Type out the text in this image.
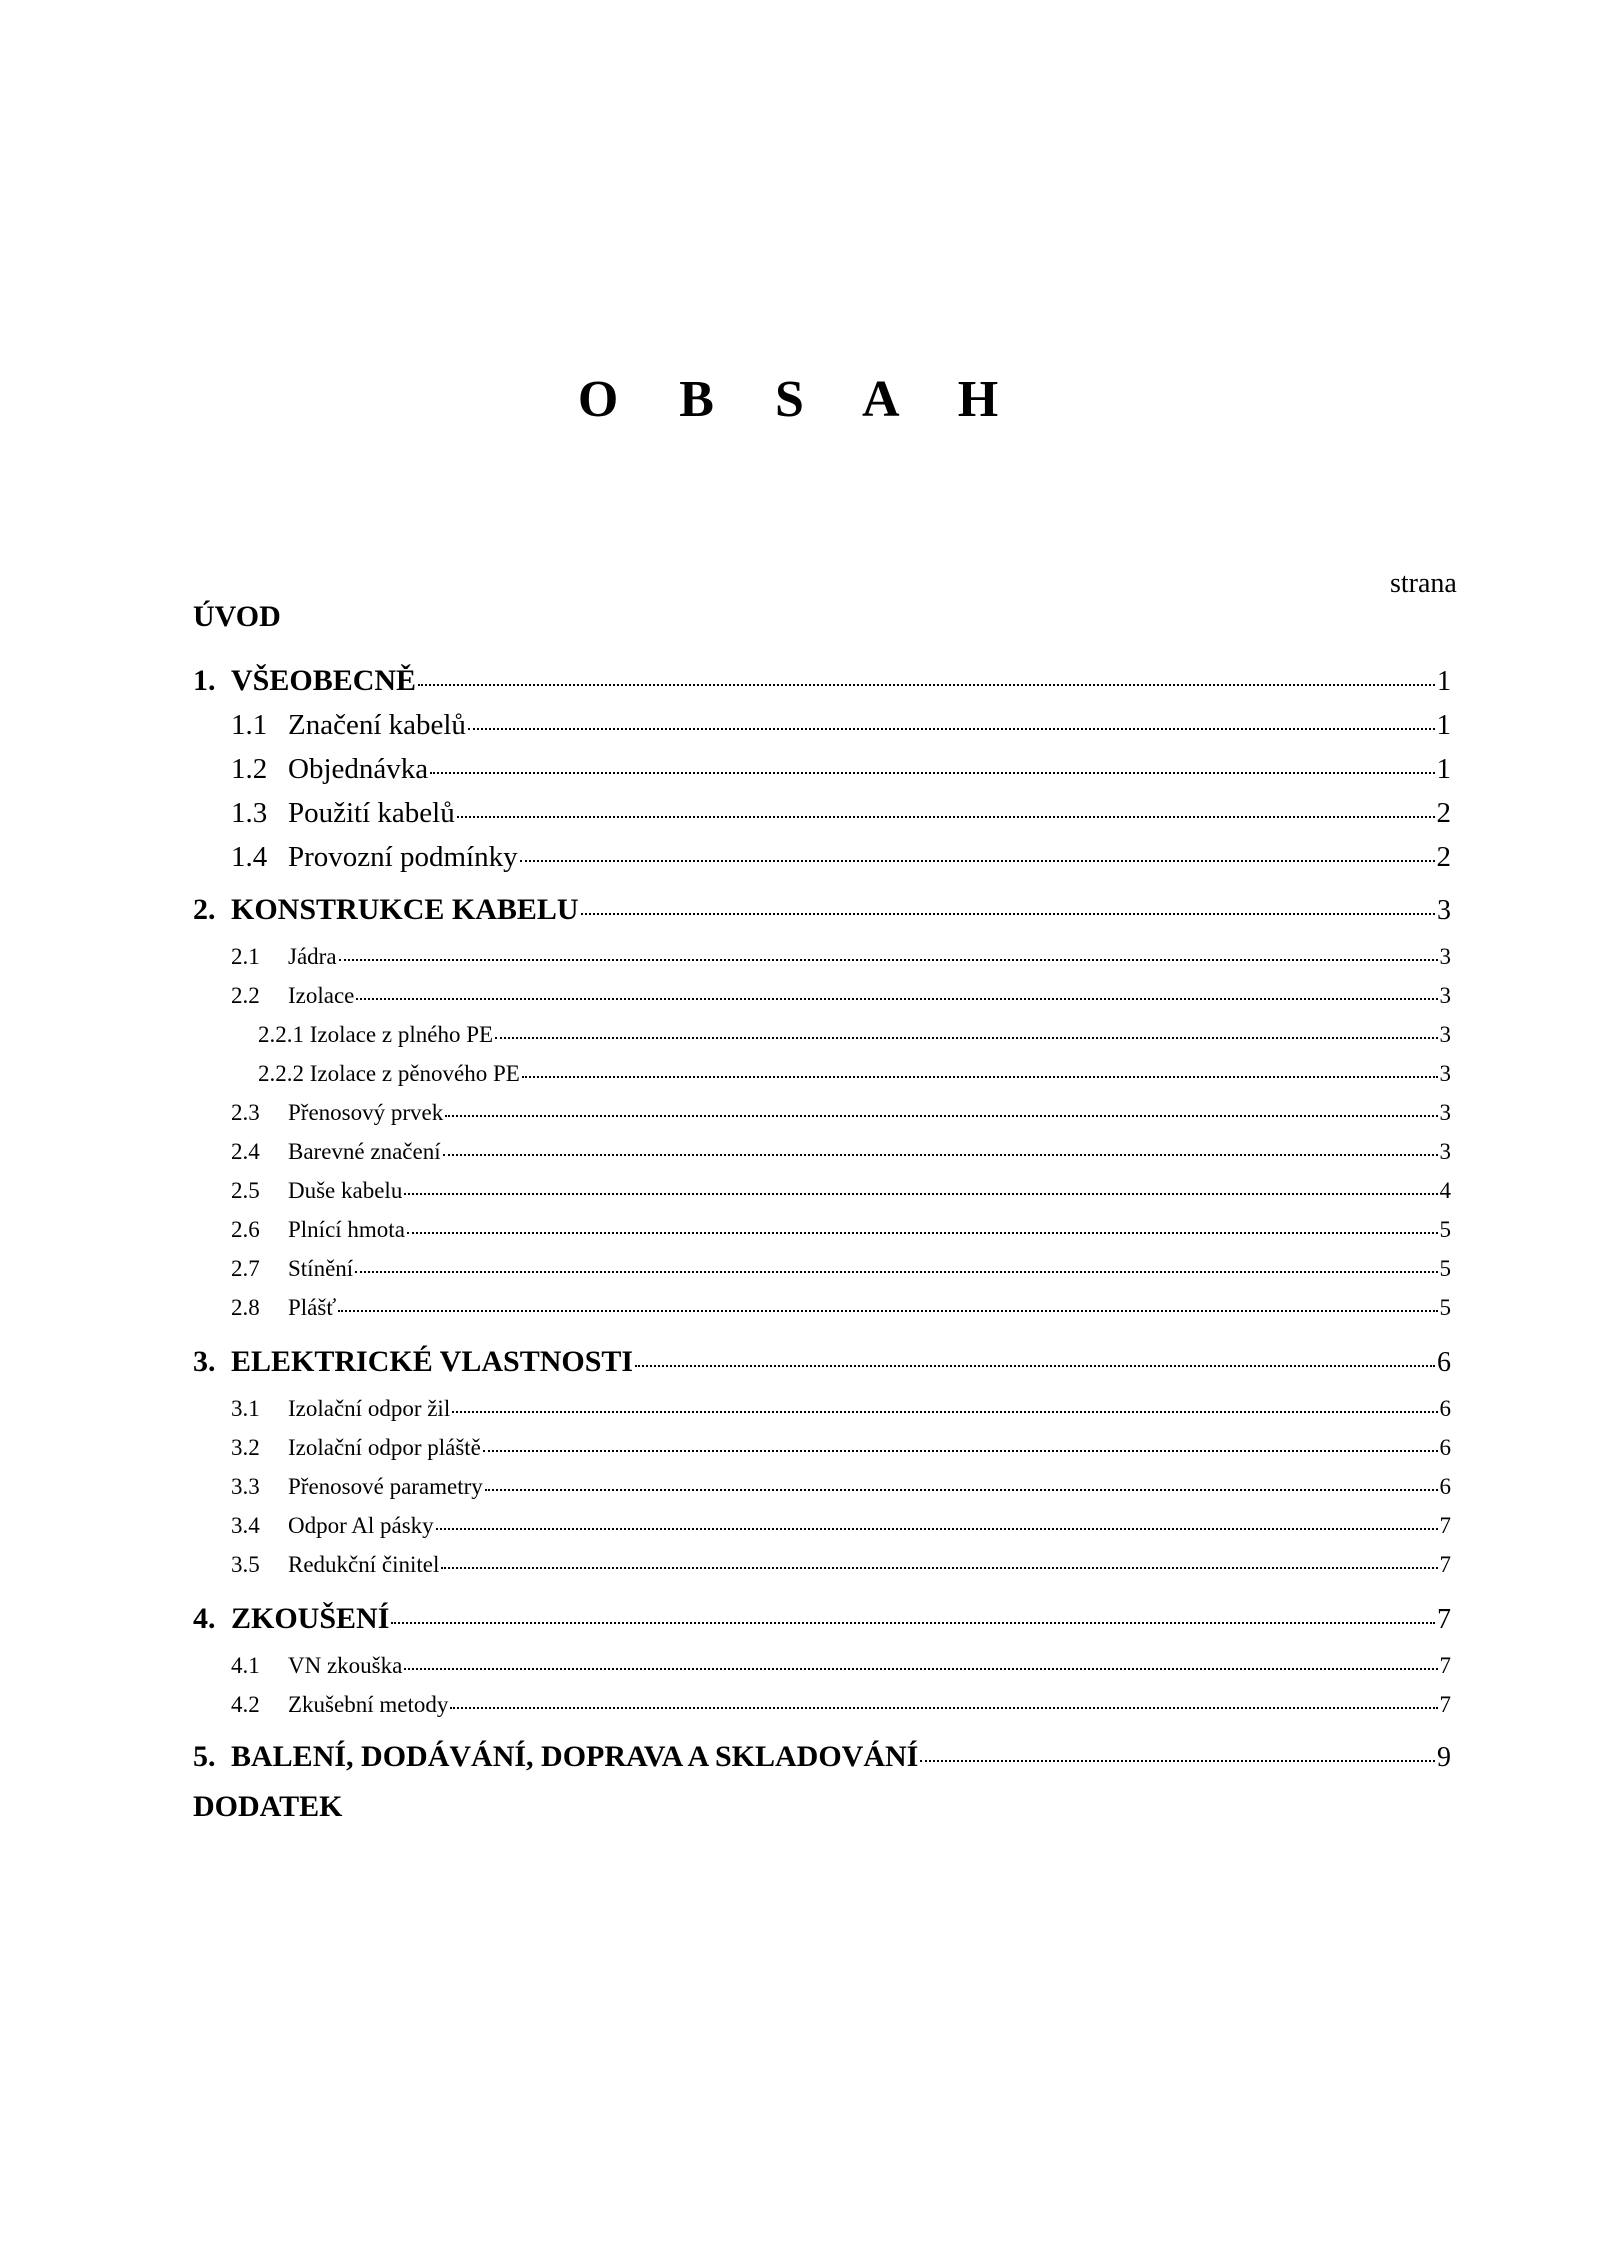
O B S A H
strana
ÚVOD
1. VŠEOBECNĚ	1
1.1 Značení kabelů	1
1.2 Objednávka	1
1.3 Použití kabelů	2
1.4 Provozní podmínky	2
2. KONSTRUKCE KABELU	3
2.1	Jádra	3
2.2	Izolace	3
2.2.1 Izolace z plného PE	3
2.2.2 Izolace z pěnového PE	3
2.3	Přenosový prvek	3
2.4	Barevné značení	3
2.5	Duše kabelu	4
2.6	Plnící hmota	5
2.7	Stínění	5
2.8	Plášť	5
3. ELEKTRICKÉ VLASTNOSTI	6
3.1	Izolační odpor žil	6
3.2	Izolační odpor pláště	6
3.3	Přenosové parametry	6
3.4	Odpor Al pásky	7
3.5	Redukční činitel	7
4. ZKOUŠENÍ	7
4.1	VN zkouška	7
4.2	Zkušební metody	7
5. BALENÍ, DODÁVÁNÍ, DOPRAVA A SKLADOVÁNÍ	9
DODATEK
